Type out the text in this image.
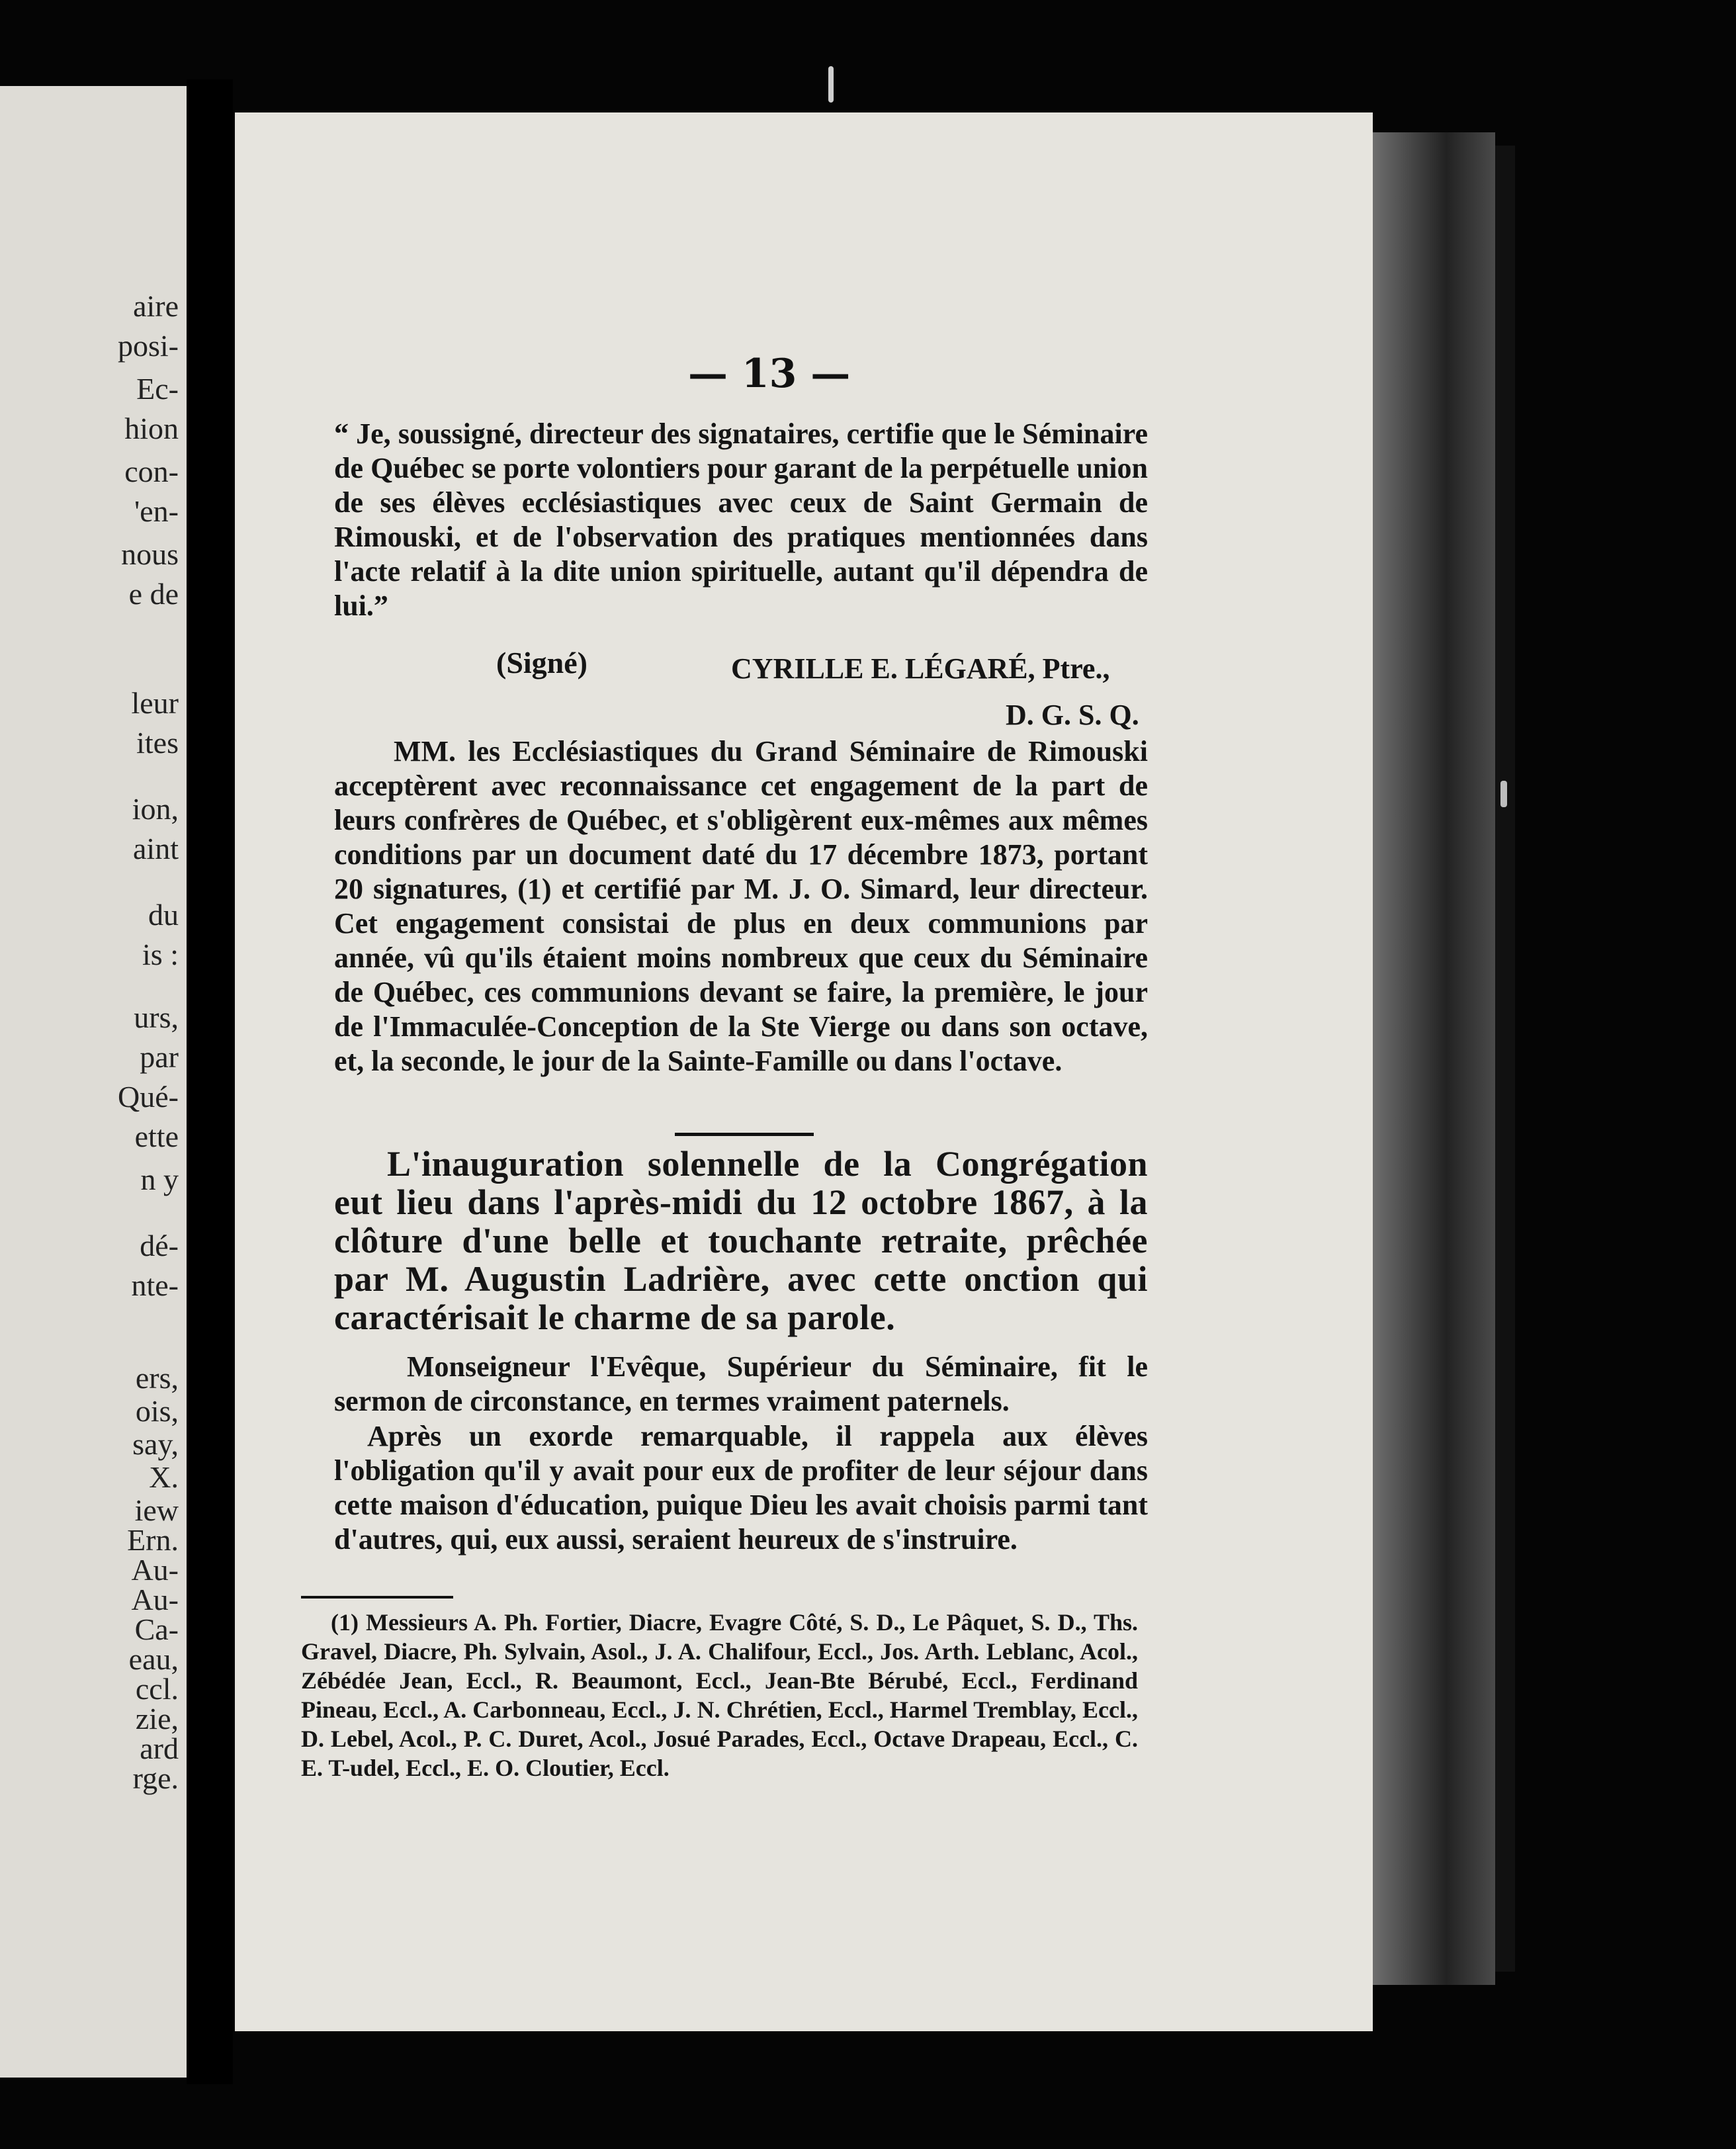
aire
posi-
Ec-
hion
con-
'en-
nous
e de
leur
ites
ion,
aint
du
is :
urs,
par
Qué-
ette
n y
dé-
nte-
ers,
ois,
say,
X.
iew
Ern.
Au-
Au-
Ca-
eau,
ccl.
zie,
ard
rge.
— 13 —
“ Je, soussigné, directeur des signataires, certifie que le Séminaire de Québec se porte volontiers pour garant de la perpétuelle union de ses élèves ecclésiastiques avec ceux de Saint Germain de Rimouski, et de l'observation des pratiques mentionnées dans l'acte relatif à la dite union spirituelle, autant qu'il dépendra de lui.”
(Signé)	CYRILLE E. LÉGARÉ, Ptre.,
D. G. S. Q.
MM. les Ecclésiastiques du Grand Séminaire de Rimouski acceptèrent avec reconnaissance cet engagement de la part de leurs confrères de Québec, et s'obligèrent eux-mêmes aux mêmes conditions par un document daté du 17 décembre 1873, portant 20 signatures, (1) et certifié par M. J. O. Simard, leur directeur. Cet engagement consistai de plus en deux communions par année, vû qu'ils étaient moins nombreux que ceux du Séminaire de Québec, ces communions devant se faire, la première, le jour de l'Immaculée-Conception de la Ste Vierge ou dans son octave, et, la seconde, le jour de la Sainte-Famille ou dans l'octave.
L'inauguration solennelle de la Congrégation eut lieu dans l'après-midi du 12 octobre 1867, à la clôture d'une belle et touchante retraite, prêchée par M. Augustin Ladrière, avec cette onction qui caractérisait le charme de sa parole.
Monseigneur l'Evêque, Supérieur du Séminaire, fit le sermon de circonstance, en termes vraiment paternels.
Après un exorde remarquable, il rappela aux élèves l'obligation qu'il y avait pour eux de profiter de leur séjour dans cette maison d'éducation, puique Dieu les avait choisis parmi tant d'autres, qui, eux aussi, seraient heureux de s'instruire.
(1) Messieurs A. Ph. Fortier, Diacre, Evagre Côté, S. D., Le Pâquet, S. D., Ths. Gravel, Diacre, Ph. Sylvain, Asol., J. A. Chalifour, Eccl., Jos. Arth. Leblanc, Acol., Zébédée Jean, Eccl., R. Beaumont, Eccl., Jean-Bte Bérubé, Eccl., Ferdinand Pineau, Eccl., A. Carbonneau, Eccl., J. N. Chrétien, Eccl., Harmel Tremblay, Eccl., D. Lebel, Acol., P. C. Duret, Acol., Josué Parades, Eccl., Octave Drapeau, Eccl., C. E. T-udel, Eccl., E. O. Cloutier, Eccl.
